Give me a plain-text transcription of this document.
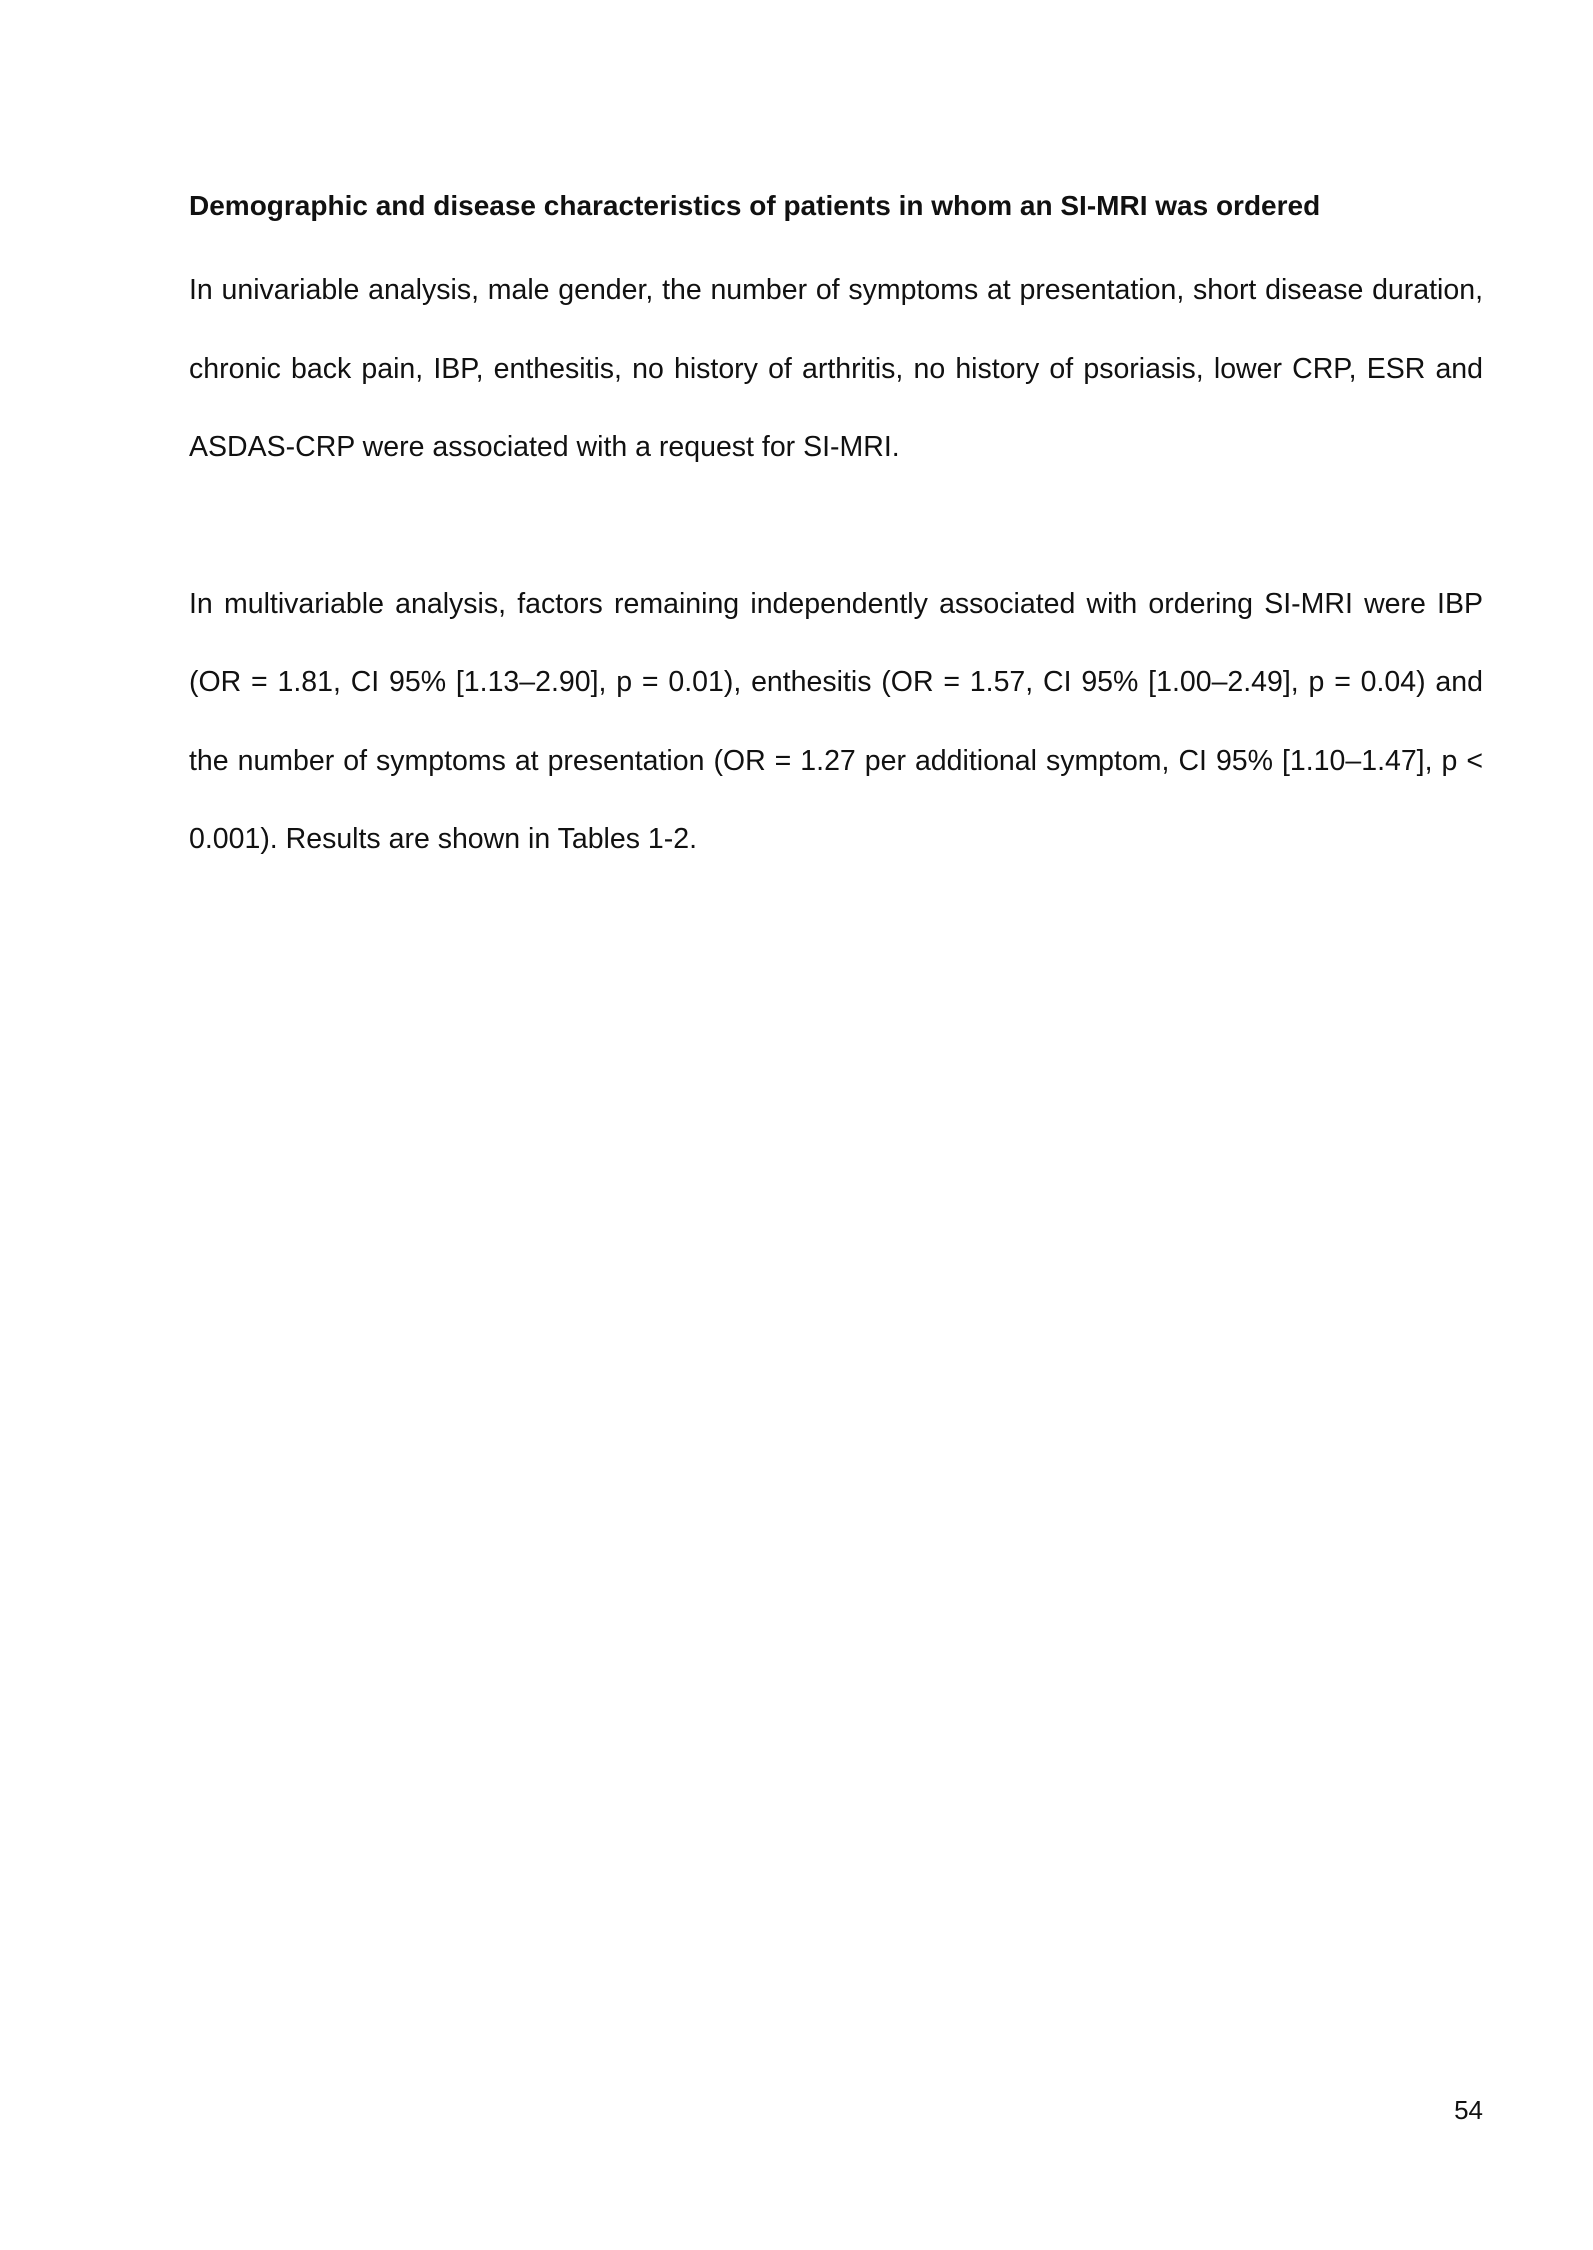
Demographic and disease characteristics of patients in whom an SI-MRI was ordered

In univariable analysis, male gender, the number of symptoms at presentation, short disease duration, chronic back pain, IBP, enthesitis, no history of arthritis, no history of psoriasis, lower CRP, ESR and ASDAS-CRP were associated with a request for SI-MRI.

In multivariable analysis, factors remaining independently associated with ordering SI-MRI were IBP (OR = 1.81, CI 95% [1.13–2.90], p = 0.01), enthesitis (OR = 1.57, CI 95% [1.00–2.49], p = 0.04) and the number of symptoms at presentation (OR = 1.27 per additional symptom, CI 95% [1.10–1.47], p < 0.001). Results are shown in Tables 1-2.

54
